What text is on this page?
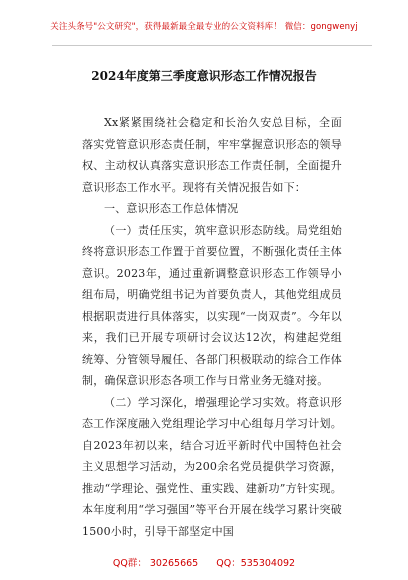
关注头条号"公文研究"，获得最新最全最专业的公文资料库！ 微信：gongwenyj
2024年度第三季度意识形态工作情况报告

Xx紧紧围绕社会稳定和长治久安总目标，全面落实党管意识形态责任制，牢牢掌握意识形态的领导权、主动权认真落实意识形态工作责任制，全面提升意识形态工作水平。现将有关情况报告如下：

一、意识形态工作总体情况

（一）责任压实，筑牢意识形态防线。局党组始终将意识形态工作置于首要位置，不断强化责任主体意识。2023年，通过重新调整意识形态工作领导小组布局，明确党组书记为首要负责人，其他党组成员根据职责进行具体落实，以实现“一岗双责”。今年以来，我们已开展专项研讨会议达12次，构建起党组统筹、分管领导履任、各部门积极联动的综合工作体制，确保意识形态各项工作与日常业务无缝对接。

（二）学习深化，增强理论学习实效。将意识形态工作深度融入党组理论学习中心组每月学习计划。自2023年初以来，结合习近平新时代中国特色社会主义思想学习活动，为200余名党员提供学习资源，推动“学理论、强党性、重实践、建新功”方针实现。本年度利用“学习强国”等平台开展在线学习累计突破1500小时，引导干部坚定中国

QQ群： 30265665 QQ：535304092
